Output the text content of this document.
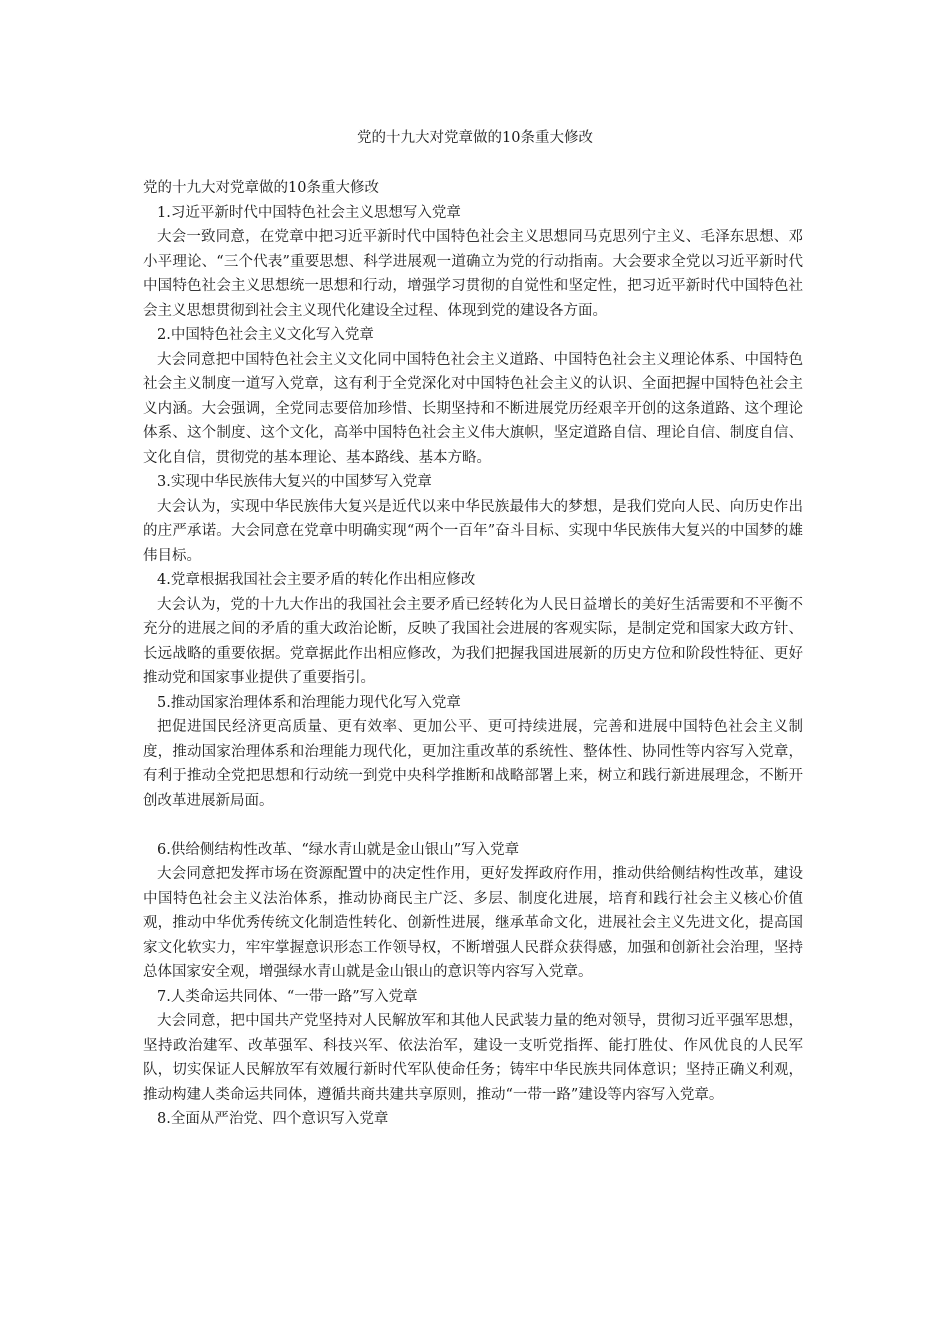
党的十九大对党章做的10条重大修改

党的十九大对党章做的10条重大修改

1.习近平新时代中国特色社会主义思想写入党章

大会一致同意，在党章中把习近平新时代中国特色社会主义思想同马克思列宁主义、毛泽东思想、邓小平理论、“三个代表”重要思想、科学进展观一道确立为党的行动指南。大会要求全党以习近平新时代中国特色社会主义思想统一思想和行动，增强学习贯彻的自觉性和坚定性，把习近平新时代中国特色社会主义思想贯彻到社会主义现代化建设全过程、体现到党的建设各方面。

2.中国特色社会主义文化写入党章

大会同意把中国特色社会主义文化同中国特色社会主义道路、中国特色社会主义理论体系、中国特色社会主义制度一道写入党章，这有利于全党深化对中国特色社会主义的认识、全面把握中国特色社会主义内涵。大会强调，全党同志要倍加珍惜、长期坚持和不断进展党历经艰辛开创的这条道路、这个理论体系、这个制度、这个文化，高举中国特色社会主义伟大旗帜，坚定道路自信、理论自信、制度自信、文化自信，贯彻党的基本理论、基本路线、基本方略。

3.实现中华民族伟大复兴的中国梦写入党章

大会认为，实现中华民族伟大复兴是近代以来中华民族最伟大的梦想，是我们党向人民、向历史作出的庄严承诺。大会同意在党章中明确实现“两个一百年”奋斗目标、实现中华民族伟大复兴的中国梦的雄伟目标。

4.党章根据我国社会主要矛盾的转化作出相应修改

大会认为，党的十九大作出的我国社会主要矛盾已经转化为人民日益增长的美好生活需要和不平衡不充分的进展之间的矛盾的重大政治论断，反映了我国社会进展的客观实际，是制定党和国家大政方针、长远战略的重要依据。党章据此作出相应修改，为我们把握我国进展新的历史方位和阶段性特征、更好推动党和国家事业提供了重要指引。

5.推动国家治理体系和治理能力现代化写入党章

把促进国民经济更高质量、更有效率、更加公平、更可持续进展，完善和进展中国特色社会主义制度，推动国家治理体系和治理能力现代化，更加注重改革的系统性、整体性、协同性等内容写入党章，有利于推动全党把思想和行动统一到党中央科学推断和战略部署上来，树立和践行新进展理念，不断开创改革进展新局面。

6.供给侧结构性改革、“绿水青山就是金山银山”写入党章

大会同意把发挥市场在资源配置中的决定性作用，更好发挥政府作用，推动供给侧结构性改革，建设中国特色社会主义法治体系，推动协商民主广泛、多层、制度化进展，培育和践行社会主义核心价值观，推动中华优秀传统文化制造性转化、创新性进展，继承革命文化，进展社会主义先进文化，提高国家文化软实力，牢牢掌握意识形态工作领导权，不断增强人民群众获得感，加强和创新社会治理，坚持总体国家安全观，增强绿水青山就是金山银山的意识等内容写入党章。

7.人类命运共同体、“一带一路”写入党章

大会同意，把中国共产党坚持对人民解放军和其他人民武装力量的绝对领导，贯彻习近平强军思想，坚持政治建军、改革强军、科技兴军、依法治军，建设一支听党指挥、能打胜仗、作风优良的人民军队，切实保证人民解放军有效履行新时代军队使命任务；铸牢中华民族共同体意识；坚持正确义利观，推动构建人类命运共同体，遵循共商共建共享原则，推动“一带一路”建设等内容写入党章。

8.全面从严治党、四个意识写入党章
